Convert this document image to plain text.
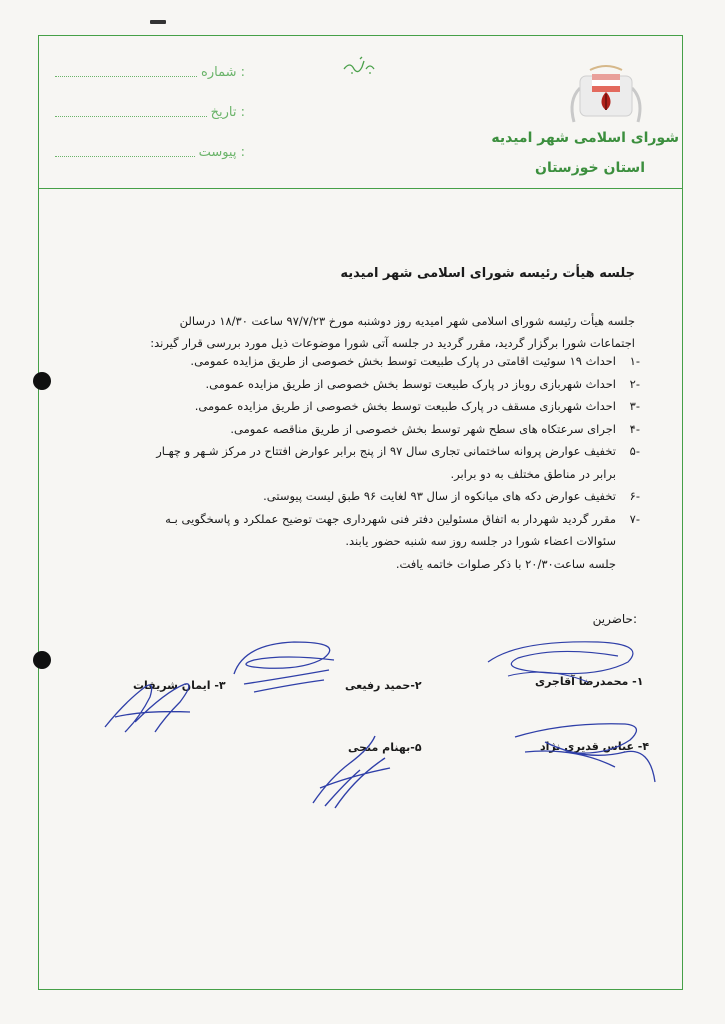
شورای اسلامی شهر امیدیه
استان خوزستان
شماره :
تاریخ :
پیوست :
جلسه هیأت رئیسه شورای اسلامی شهر امیدیه

جلسه هیأت رئیسه شورای اسلامی شهر امیدیه روز دوشنبه مورخ ۹۷/۷/۲۳ ساعت ۱۸/۳۰ درسالن

اجتماعات شورا برگزار گردید، مقرر گردید در جلسه آتی شورا موضوعات ذیل مورد بررسی قرار گیرند:

-۱احداث ۱۹ سوئیت اقامتی در پارک طبیعت توسط بخش خصوصی از طریق مزایده عمومی.
-۲احداث شهربازی روباز در پارک طبیعت توسط بخش خصوصی از طریق مزایده عمومی.
-۳احداث شهربازی مسقف در پارک طبیعت توسط بخش خصوصی از طریق مزایده عمومی.
-۴اجرای سرعتکاه های سطح شهر توسط بخش خصوصی از طریق مناقصه عمومی.
-۵تخفیف عوارض پروانه ساختمانی تجاری سال ۹۷ از پنج برابر عوارض افتتاح در مرکز شـهر و چهـار
برابر در مناطق مختلف به دو برابر.
-۶تخفیف عوارض دکه های میانکوه از سال ۹۳ لغایت ۹۶ طبق لیست پیوستی.
-۷مقرر گردید شهردار به اتفاق مسئولین دفتر فنی شهرداری جهت توضیح عملکرد و پاسخگویی بـه
سئوالات اعضاء شورا در جلسه روز سه شنبه حضور یابند.
جلسه ساعت۲۰/۳۰ با ذکر صلوات خاتمه یافت.
حاضرین:
۱- محمدرضا آقاجری
۲-حمید رفیعی
۳- ایمان شریفات
۴- عباس قدیری نژاد
۵-بهنام منجی
